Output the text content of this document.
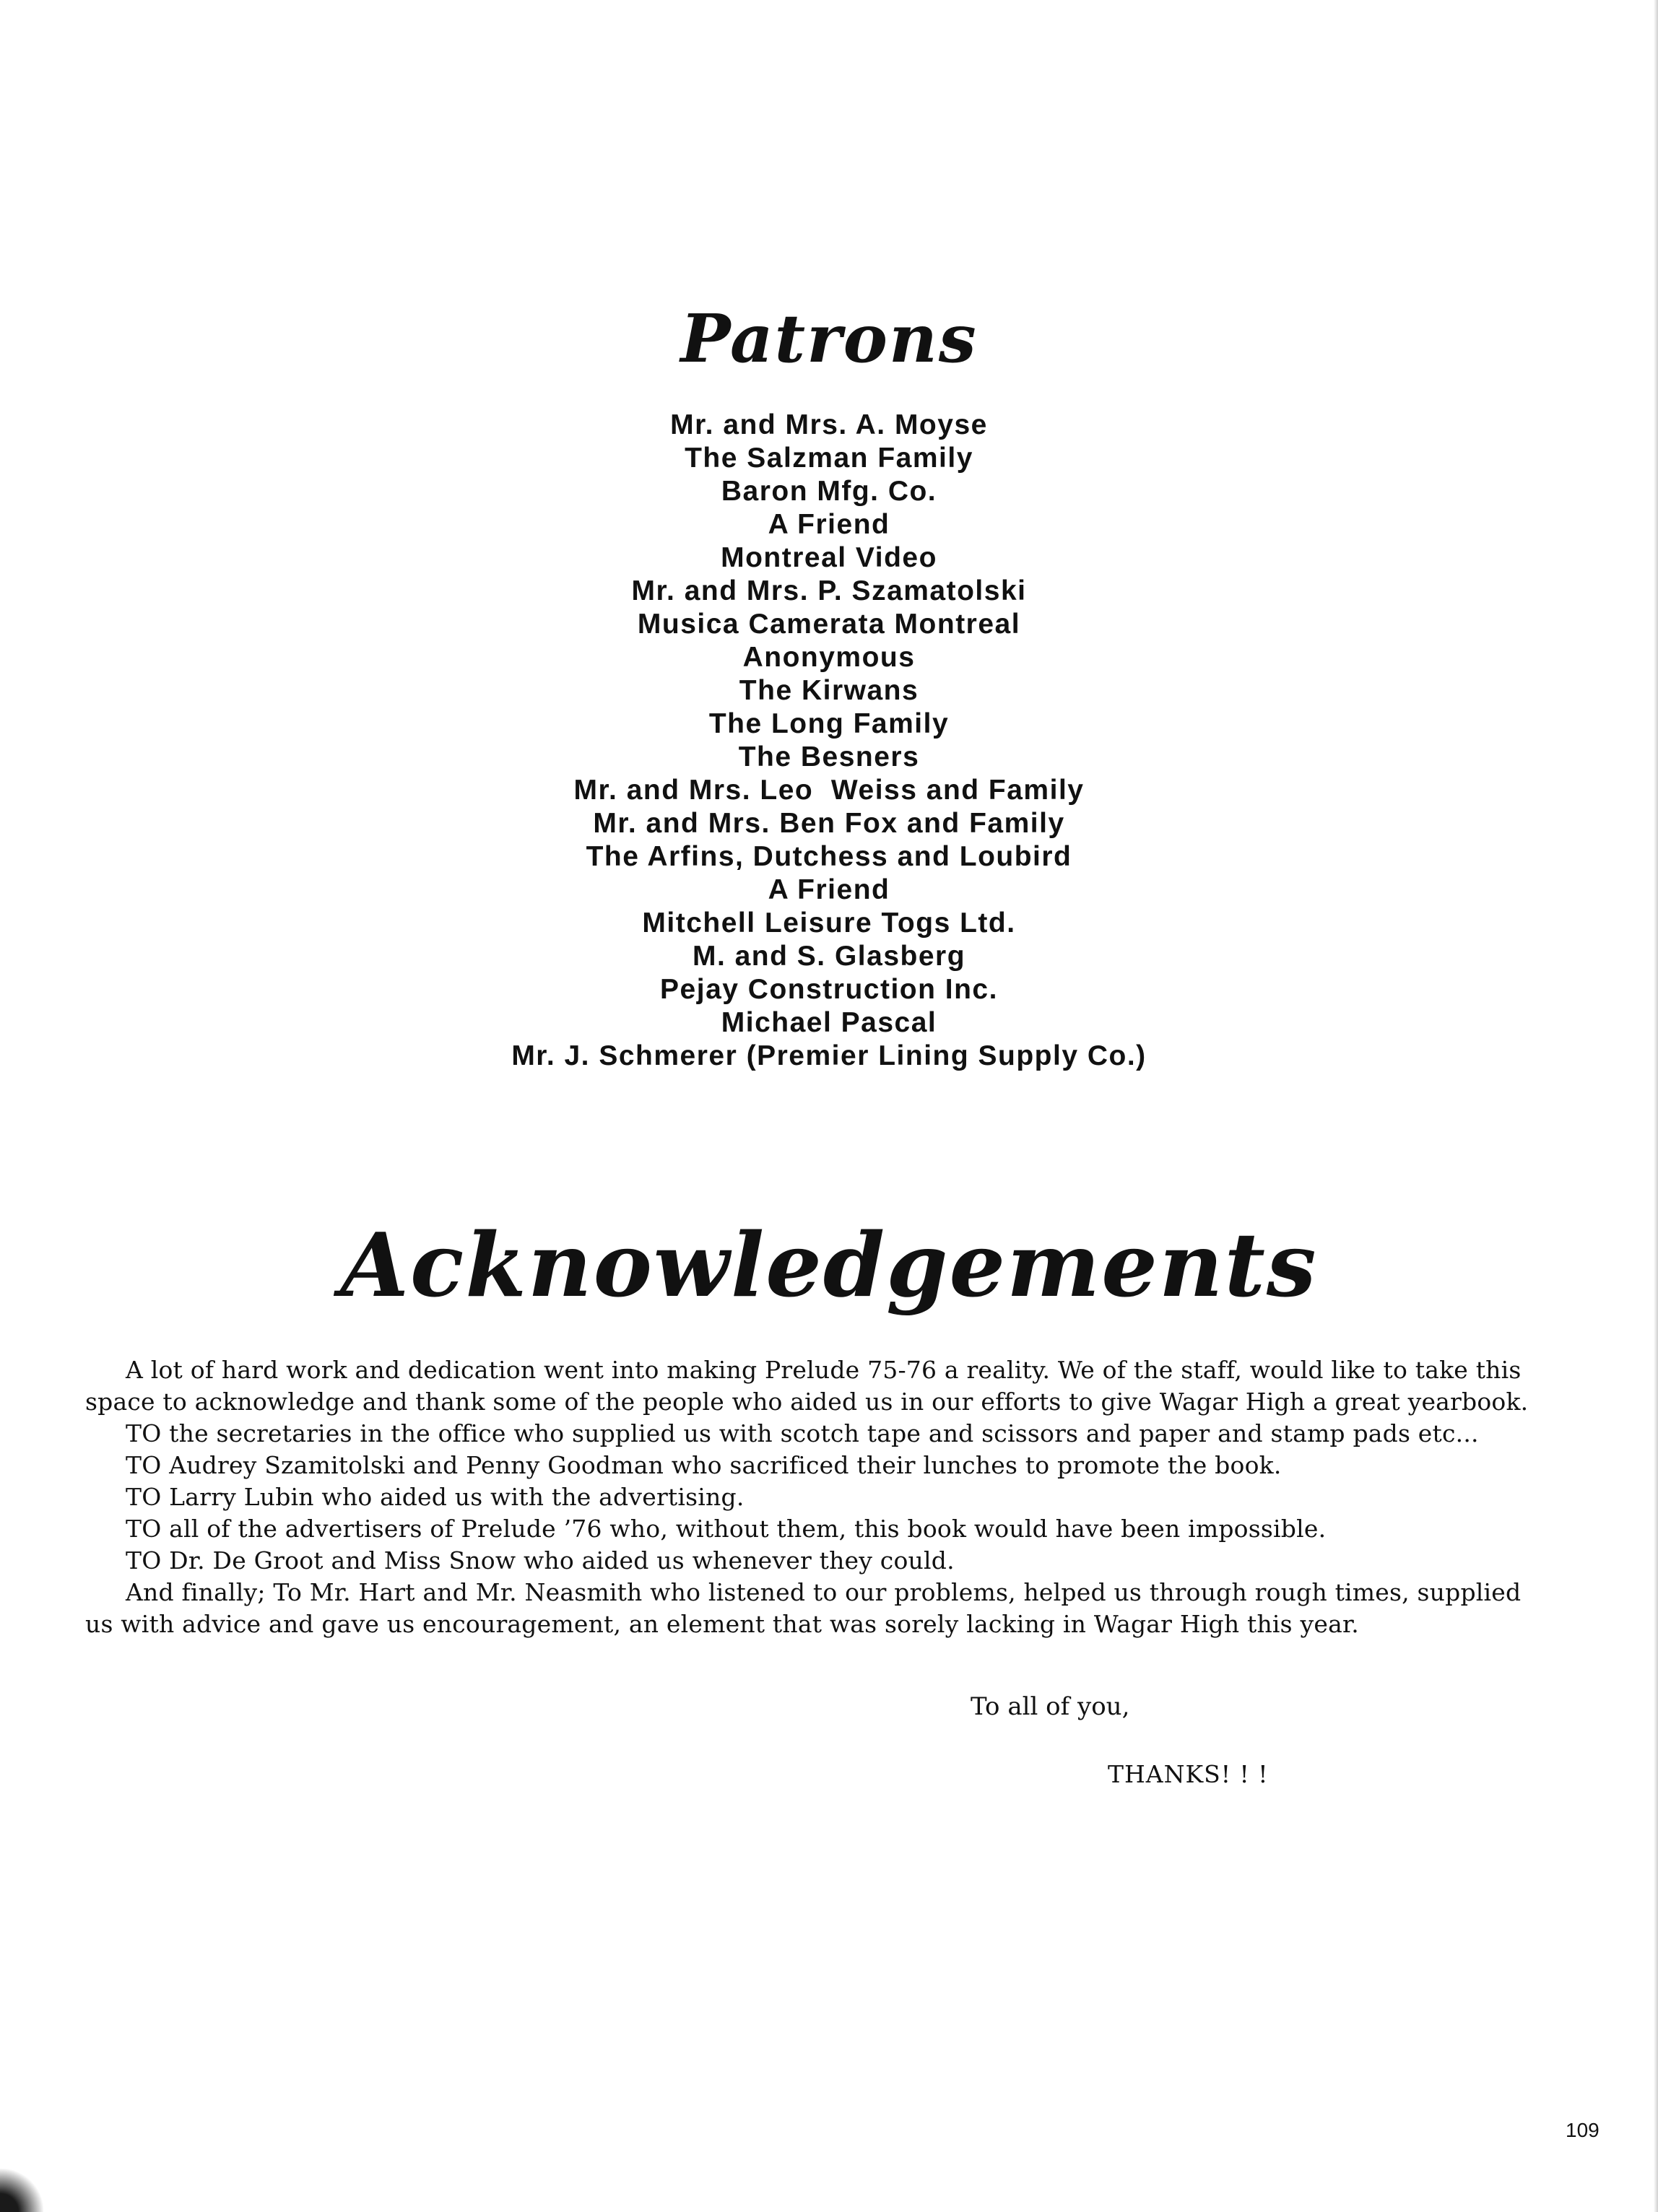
Patrons
Mr. and Mrs. A. Moyse
The Salzman Family
Baron Mfg. Co.
A Friend
Montreal Video
Mr. and Mrs. P. Szamatolski
Musica Camerata Montreal
Anonymous
The Kirwans
The Long Family
The Besners
Mr. and Mrs. Leo  Weiss and Family
Mr. and Mrs. Ben Fox and Family
The Arfins, Dutchess and Loubird
A Friend
Mitchell Leisure Togs Ltd.
M. and S. Glasberg
Pejay Construction Inc.
Michael Pascal
Mr. J. Schmerer (Premier Lining Supply Co.)
Acknowledgements

A lot of hard work and dedication went into making Prelude 75-76 a reality. We of the staff, would like to take this space to acknowledge and thank some of the people who aided us in our efforts to give Wagar High a great yearbook.

TO the secretaries in the office who supplied us with scotch tape and scissors and paper and stamp pads etc...

TO Audrey Szamitolski and Penny Goodman who sacrificed their lunches to promote the book.

TO Larry Lubin who aided us with the advertising.

TO all of the advertisers of Prelude ’76 who, without them, this book would have been impossible.

TO Dr. De Groot and Miss Snow who aided us whenever they could.

And finally; To Mr. Hart and Mr. Neasmith who listened to our problems, helped us through rough times, supplied us with advice and gave us encouragement, an element that was sorely lacking in Wagar High this year.

To all of you,
THANKS! ! !
109
